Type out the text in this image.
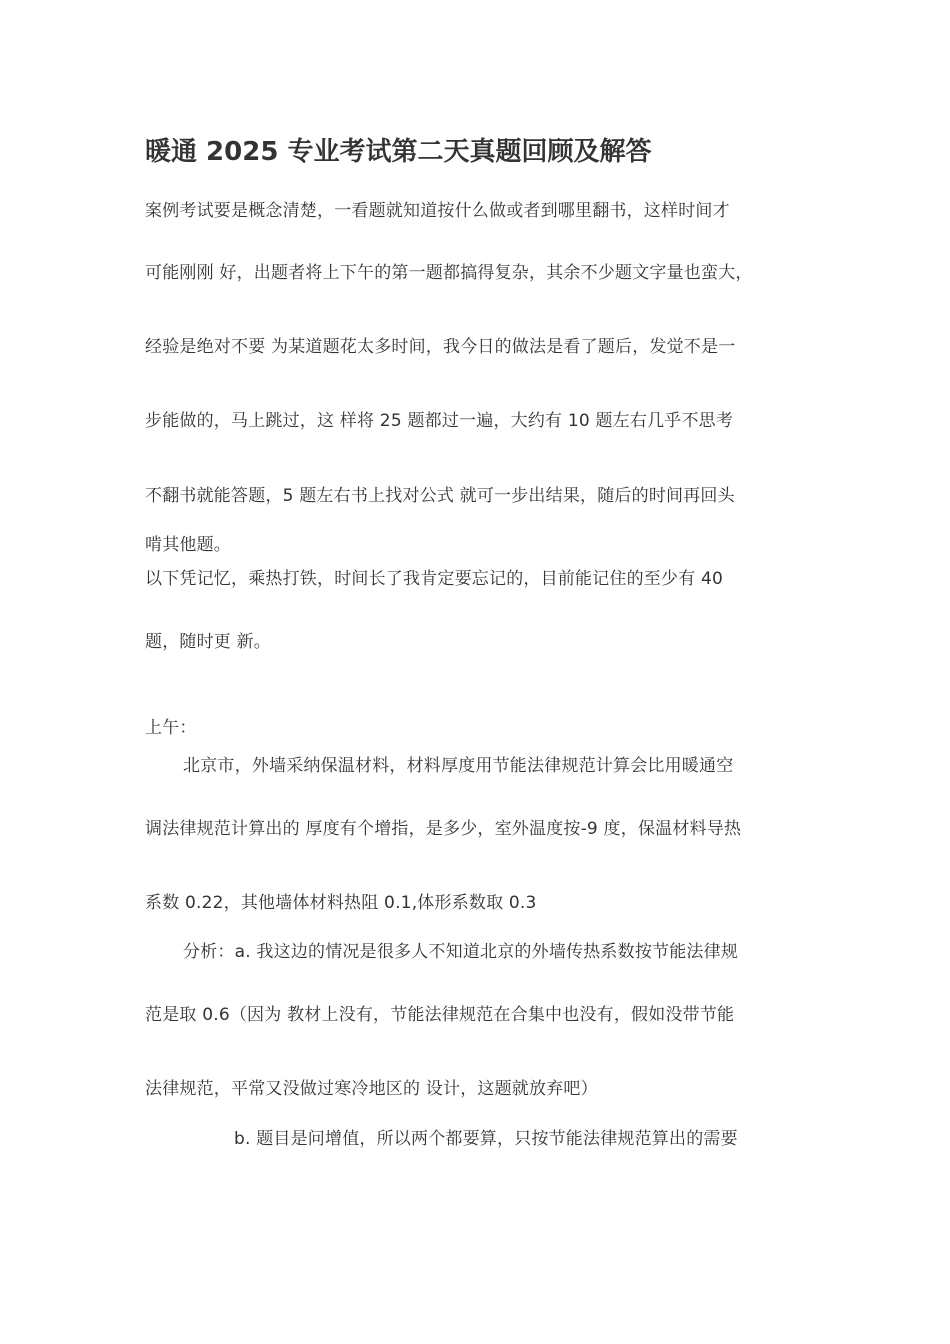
暖通 2025 专业考试第二天真题回顾及解答
案例考试要是概念清楚，一看题就知道按什么做或者到哪里翻书，这样时间才
可能刚刚 好，出题者将上下午的第一题都搞得复杂，其余不少题文字量也蛮大，
经验是绝对不要 为某道题花太多时间，我今日的做法是看了题后，发觉不是一
步能做的，马上跳过，这 样将 25 题都过一遍，大约有 10 题左右几乎不思考
不翻书就能答题，5 题左右书上找对公式 就可一步出结果，随后的时间再回头
啃其他题。
以下凭记忆，乘热打铁，时间长了我肯定要忘记的，目前能记住的至少有 40
题，随时更 新。
上午：
北京市，外墙采纳保温材料，材料厚度用节能法律规范计算会比用暖通空
调法律规范计算出的 厚度有个增指，是多少，室外温度按-9 度，保温材料导热
系数 0.22，其他墙体材料热阻 0.1,体形系数取 0.3
分析：a. 我这边的情况是很多人不知道北京的外墙传热系数按节能法律规
范是取 0.6（因为 教材上没有，节能法律规范在合集中也没有，假如没带节能
法律规范，平常又没做过寒冷地区的 设计，这题就放弃吧）
b. 题目是问增值，所以两个都要算，只按节能法律规范算出的需要
